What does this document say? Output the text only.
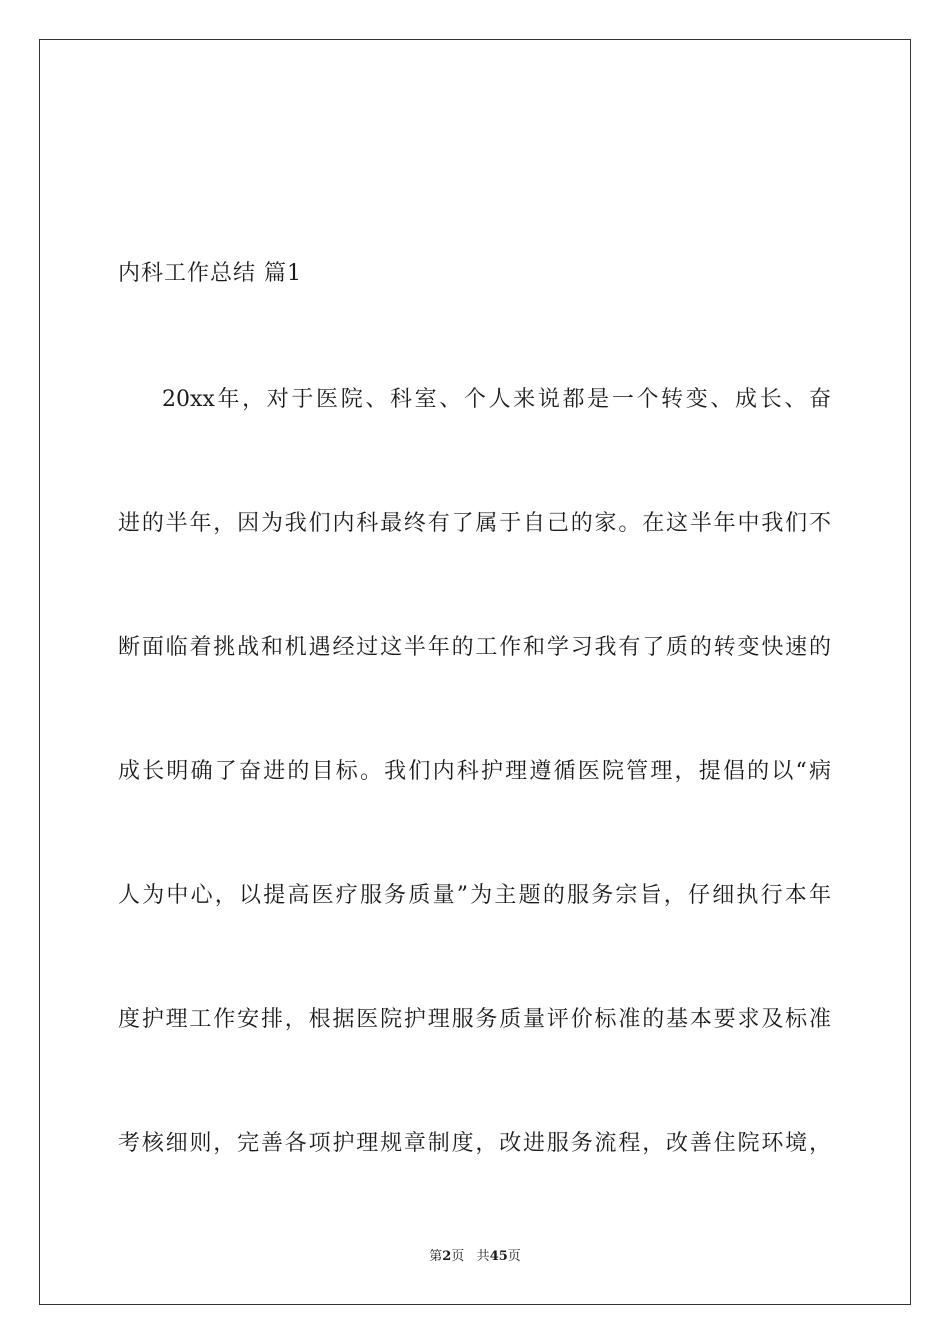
内科工作总结 篇1
20xx年，对于医院、科室、个人来说都是一个转变、成长、奋
进的半年，因为我们内科最终有了属于自己的家。在这半年中我们不
断面临着挑战和机遇经过这半年的工作和学习我有了质的转变快速的
成长明确了奋进的目标。我们内科护理遵循医院管理，提倡的以“病
人为中心，以提高医疗服务质量”为主题的服务宗旨，仔细执行本年
度护理工作安排，根据医院护理服务质量评价标准的基本要求及标准
考核细则，完善各项护理规章制度，改进服务流程，改善住院环境，
第2页 共45页
